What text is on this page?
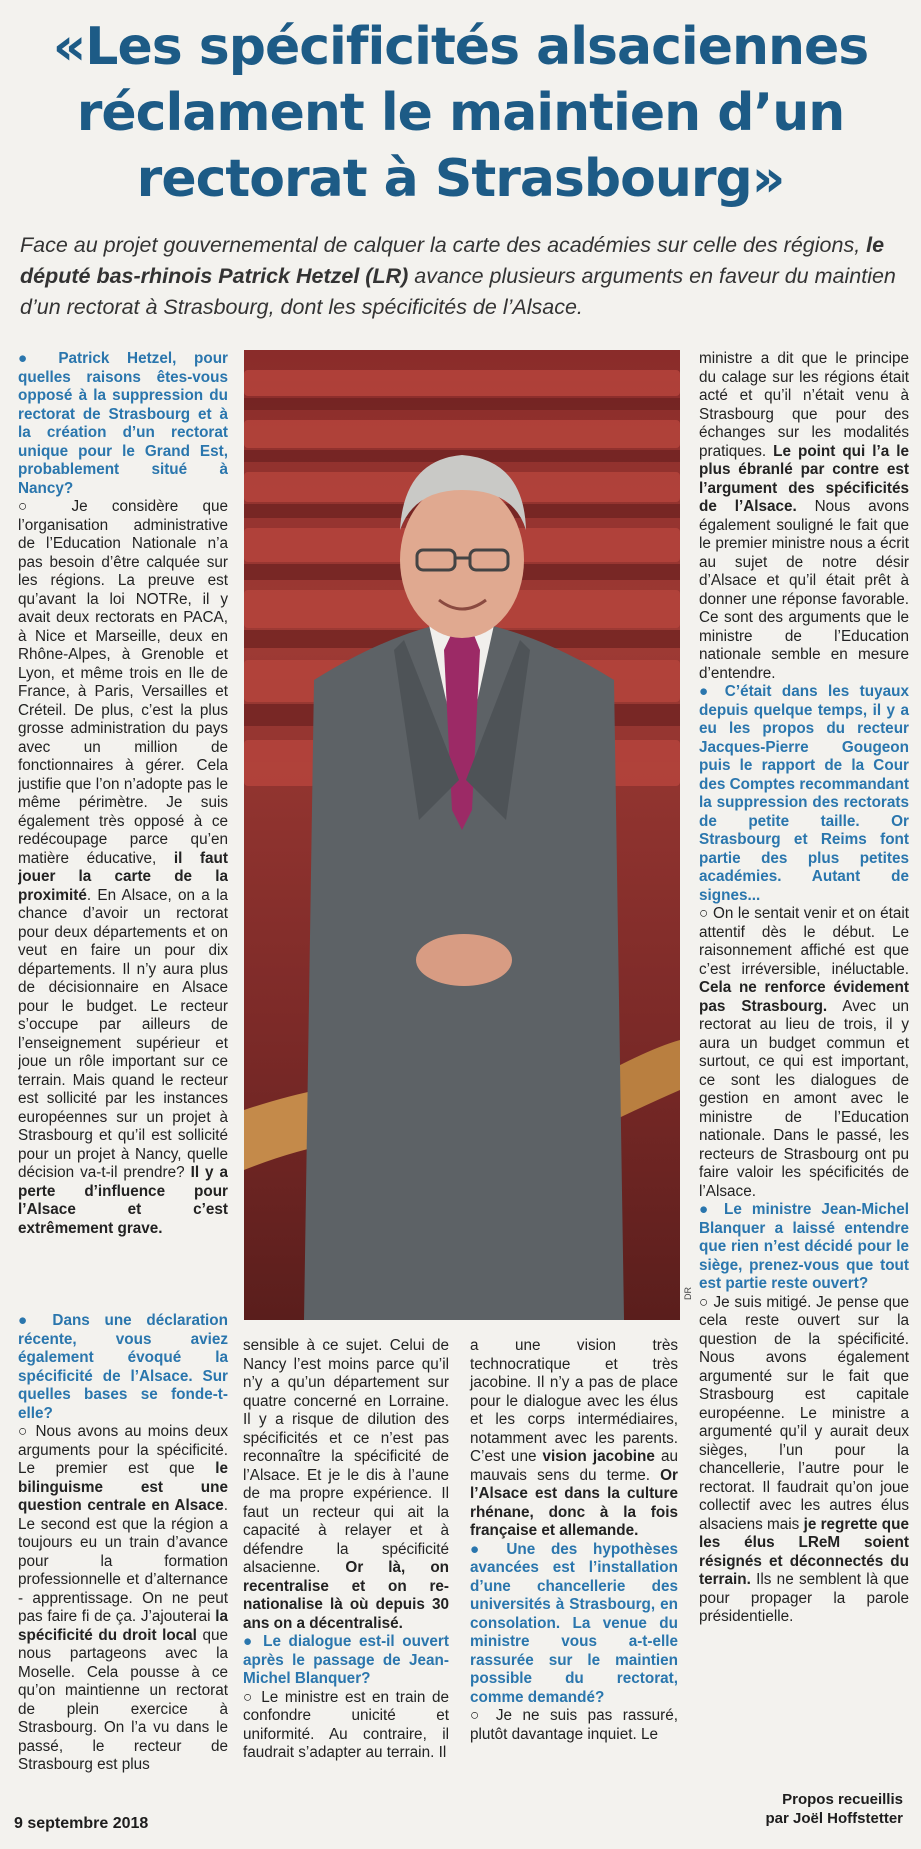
«Les spécificités alsaciennes réclament le maintien d’un rectorat à Strasbourg»
Face au projet gouvernemental de calquer la carte des académies sur celle des régions, le député bas-rhinois Patrick Hetzel (LR) avance plusieurs arguments en faveur du maintien d’un rectorat à Strasbourg, dont les spécificités de l’Alsace.
DR

● Patrick Hetzel, pour quelles raisons êtes-vous opposé à la suppression du rectorat de Strasbourg et à la création d’un rectorat unique pour le Grand Est, probablement situé à Nancy?

○ Je considère que l’organisation administrative de l’Education Nationale n’a pas besoin d’être calquée sur les régions. La preuve est qu’avant la loi NOTRe, il y avait deux rectorats en PACA, à Nice et Marseille, deux en Rhône-Alpes, à Grenoble et Lyon, et même trois en Ile de France, à Paris, Versailles et Créteil. De plus, c’est la plus grosse administration du pays avec un million de fonctionnaires à gérer. Cela justifie que l’on n’adopte pas le même périmètre. Je suis également très opposé à ce redécoupage parce qu’en matière éducative, il faut jouer la carte de la proximité. En Alsace, on a la chance d’avoir un rectorat pour deux départements et on veut en faire un pour dix départements. Il n’y aura plus de décisionnaire en Alsace pour le budget. Le recteur s’occupe par ailleurs de l’enseignement supérieur et joue un rôle important sur ce terrain. Mais quand le recteur est sollicité par les instances européennes sur un projet à Strasbourg et qu’il est sollicité pour un projet à Nancy, quelle décision va-t-il prendre? Il y a perte d’influence pour l’Alsace et c’est extrêmement grave.

● Dans une déclaration récente, vous aviez également évoqué la spécificité de l’Alsace. Sur quelles bases se fonde-t-elle?

○ Nous avons au moins deux arguments pour la spécificité. Le premier est que le bilinguisme est une question centrale en Alsace. Le second est que la région a toujours eu un train d’avance pour la formation professionnelle et d’alternance - apprentissage. On ne peut pas faire fi de ça. J’ajouterai la spécificité du droit local que nous partageons avec la Moselle. Cela pousse à ce qu’on maintienne un rectorat de plein exercice à Strasbourg. On l’a vu dans le passé, le recteur de Strasbourg est plus

sensible à ce sujet. Celui de Nancy l’est moins parce qu’il n’y a qu’un département sur quatre concerné en Lorraine. Il y a risque de dilution des spécificités et ce n’est pas reconnaître la spécificité de l’Alsace. Et je le dis à l’aune de ma propre expérience. Il faut un recteur qui ait la capacité à relayer et à défendre la spécificité alsacienne. Or là, on recentralise et on re-nationalise là où depuis 30 ans on a décentralisé.

● Le dialogue est-il ouvert après le passage de Jean-Michel Blanquer?

○ Le ministre est en train de confondre unicité et uniformité. Au contraire, il faudrait s’adapter au terrain. Il

a une vision très technocratique et très jacobine. Il n’y a pas de place pour le dialogue avec les élus et les corps intermédiaires, notamment avec les parents. C’est une vision jacobine au mauvais sens du terme. Or l’Alsace est dans la culture rhénane, donc à la fois française et allemande.

● Une des hypothèses avancées est l’installation d’une chancellerie des universités à Strasbourg, en consolation. La venue du ministre vous a-t-elle rassurée sur le maintien possible du rectorat, comme demandé?

○ Je ne suis pas rassuré, plutôt davantage inquiet. Le

ministre a dit que le principe du calage sur les régions était acté et qu’il n’était venu à Strasbourg que pour des échanges sur les modalités pratiques. Le point qui l’a le plus ébranlé par contre est l’argument des spécificités de l’Alsace. Nous avons également souligné le fait que le premier ministre nous a écrit au sujet de notre désir d’Alsace et qu’il était prêt à donner une réponse favorable. Ce sont des arguments que le ministre de l’Education nationale semble en mesure d’entendre.

● C’était dans les tuyaux depuis quelque temps, il y a eu les propos du recteur Jacques-Pierre Gougeon puis le rapport de la Cour des Comptes recommandant la suppression des rectorats de petite taille. Or Strasbourg et Reims font partie des plus petites académies. Autant de signes...

○ On le sentait venir et on était attentif dès le début. Le raisonnement affiché est que c’est irréversible, inéluctable. Cela ne renforce évidement pas Strasbourg. Avec un rectorat au lieu de trois, il y aura un budget commun et surtout, ce qui est important, ce sont les dialogues de gestion en amont avec le ministre de l’Education nationale. Dans le passé, les recteurs de Strasbourg ont pu faire valoir les spécificités de l’Alsace.

● Le ministre Jean-Michel Blanquer a laissé entendre que rien n’est décidé pour le siège, prenez-vous que tout est partie reste ouvert?

○ Je suis mitigé. Je pense que cela reste ouvert sur la question de la spécificité. Nous avons également argumenté sur le fait que Strasbourg est capitale européenne. Le ministre a argumenté qu’il y aurait deux sièges, l’un pour la chancellerie, l’autre pour le rectorat. Il faudrait qu’on joue collectif avec les autres élus alsaciens mais je regrette que les élus LReM soient résignés et déconnectés du terrain. Ils ne semblent là que pour propager la parole présidentielle.

Propos recueillis
par Joël Hoffstetter
9 septembre 2018
